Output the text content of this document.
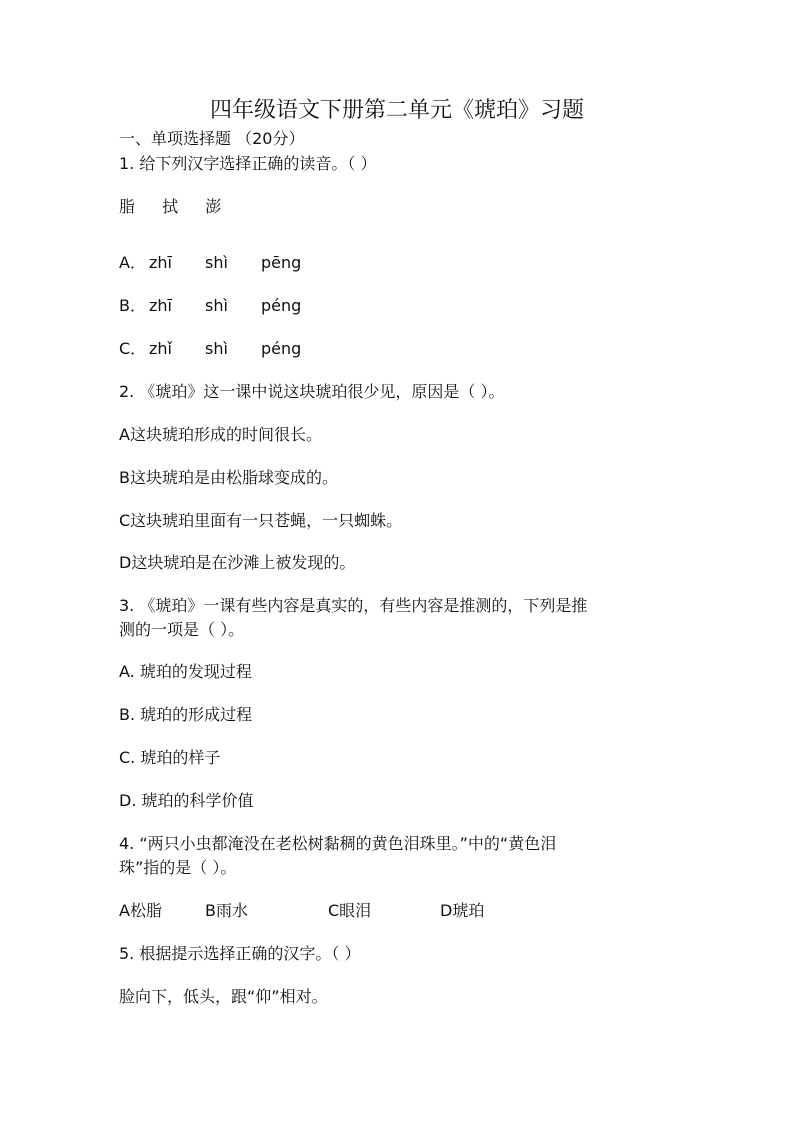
四年级语文下册第二单元《琥珀》习题
一、单项选择题 （20分）
1. 给下列汉字选择正确的读音。（ ）
脂 拭 澎
A． zhī shì pēng
B． zhī shì péng
C． zhǐ shì péng
2. 《琥珀》这一课中说这块琥珀很少见，原因是（ ）。
A这块琥珀形成的时间很长。
B这块琥珀是由松脂球变成的。
C这块琥珀里面有一只苍蝇，一只蜘蛛。
D这块琥珀是在沙滩上被发现的。
3. 《琥珀》一课有些内容是真实的，有些内容是推测的，下列是推
测的一项是（ ）。
A. 琥珀的发现过程
B. 琥珀的形成过程
C. 琥珀的样子
D. 琥珀的科学价值
4. “两只小虫都淹没在老松树黏稠的黄色泪珠里。”中的“黄色泪
珠”指的是（ ）。
A松脂	B雨水	C眼泪	D琥珀
5. 根据提示选择正确的汉字。（ ）
脸向下，低头，跟“仰”相对。
